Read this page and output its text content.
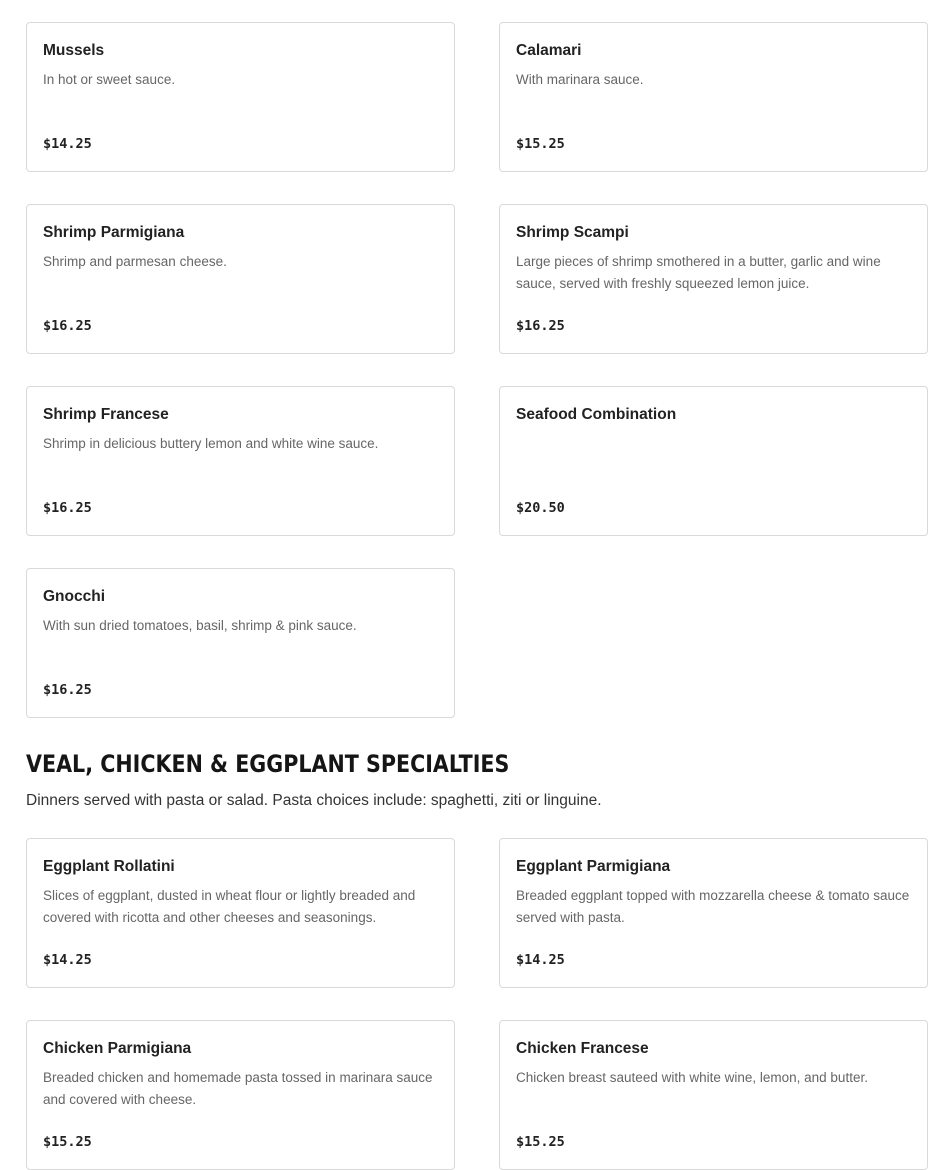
Mussels
In hot or sweet sauce.
$14.25
Calamari
With marinara sauce.
$15.25
Shrimp Parmigiana
Shrimp and parmesan cheese.
$16.25
Shrimp Scampi
Large pieces of shrimp smothered in a butter, garlic and wine sauce, served with freshly squeezed lemon juice.
$16.25
Shrimp Francese
Shrimp in delicious buttery lemon and white wine sauce.
$16.25
Seafood Combination
$20.50
Gnocchi
With sun dried tomatoes, basil, shrimp & pink sauce.
$16.25
VEAL, CHICKEN & EGGPLANT SPECIALTIES
Dinners served with pasta or salad. Pasta choices include: spaghetti, ziti or linguine.
Eggplant Rollatini
Slices of eggplant, dusted in wheat flour or lightly breaded and covered with ricotta and other cheeses and seasonings.
$14.25
Eggplant Parmigiana
Breaded eggplant topped with mozzarella cheese & tomato sauce served with pasta.
$14.25
Chicken Parmigiana
Breaded chicken and homemade pasta tossed in marinara sauce and covered with cheese.
$15.25
Chicken Francese
Chicken breast sauteed with white wine, lemon, and butter.
$15.25
